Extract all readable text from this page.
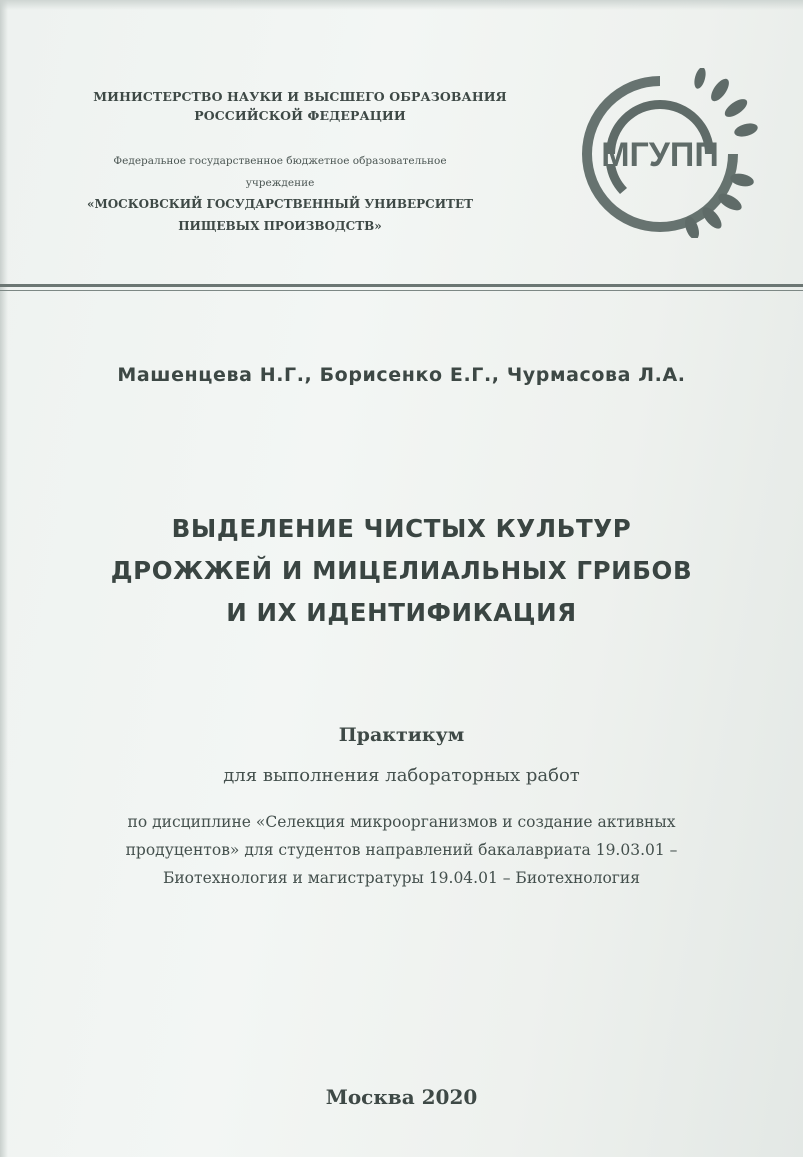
МИНИСТЕРСТВО НАУКИ И ВЫСШЕГО ОБРАЗОВАНИЯ
РОССИЙСКОЙ ФЕДЕРАЦИИ
Федеральное государственное бюджетное образовательное
учреждение
«МОСКОВСКИЙ ГОСУДАРСТВЕННЫЙ УНИВЕРСИТЕТ
ПИЩЕВЫХ ПРОИЗВОДСТВ»
МГУПП
Машенцева Н.Г., Борисенко Е.Г., Чурмасова Л.А.
ВЫДЕЛЕНИЕ ЧИСТЫХ КУЛЬТУР
ДРОЖЖЕЙ И МИЦЕЛИАЛЬНЫХ ГРИБОВ
И ИХ ИДЕНТИФИКАЦИЯ
Практикум
для выполнения лабораторных работ
по дисциплине «Селекция микроорганизмов и создание активных
продуцентов» для студентов направлений бакалавриата 19.03.01 –
Биотехнология и магистратуры 19.04.01 – Биотехнология
Москва 2020
